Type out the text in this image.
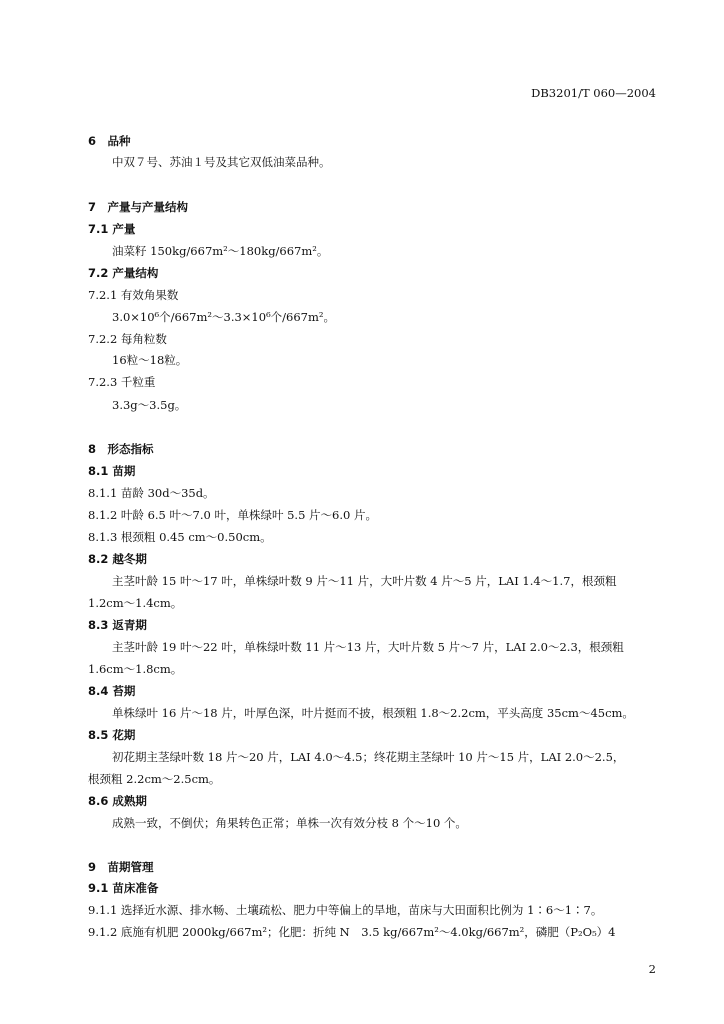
DB3201/T 060—2004
6　品种
中双７号、苏油１号及其它双低油菜品种。
7　产量与产量结构
7.1 产量
油菜籽 150kg/667m²～180kg/667m²。
7.2 产量结构
7.2.1 有效角果数
3.0×10⁶个/667m²～3.3×10⁶个/667m²。
7.2.2 每角粒数
16粒～18粒。
7.2.3 千粒重
3.3g～3.5g。
8　形态指标
8.1 苗期
8.1.1 苗龄 30d～35d。
8.1.2 叶龄 6.5 叶～7.0 叶，单株绿叶 5.5 片～6.0 片。
8.1.3 根颈粗 0.45 cm～0.50cm。
8.2 越冬期
主茎叶龄 15 叶～17 叶，单株绿叶数 9 片～11 片，大叶片数 4 片～5 片，LAI 1.4～1.7，根颈粗
1.2cm～1.4cm。
8.3 返青期
主茎叶龄 19 叶～22 叶，单株绿叶数 11 片～13 片，大叶片数 5 片～7 片，LAI 2.0～2.3，根颈粗
1.6cm～1.8cm。
8.4 苔期
单株绿叶 16 片～18 片，叶厚色深，叶片挺而不披，根颈粗 1.8～2.2cm，平头高度 35cm～45cm。
8.5 花期
初花期主茎绿叶数 18 片～20 片，LAI 4.0～4.5；终花期主茎绿叶 10 片～15 片，LAI 2.0～2.5，
根颈粗 2.2cm～2.5cm。
8.6 成熟期
成熟一致，不倒伏；角果转色正常；单株一次有效分枝 8 个～10 个。
9　苗期管理
9.1 苗床准备
9.1.1 选择近水源、排水畅、土壤疏松、肥力中等偏上的旱地，苗床与大田面积比例为 1∶6～1∶7。
9.1.2 底施有机肥 2000kg/667m²；化肥：折纯 N　3.5 kg/667m²～4.0kg/667m²，磷肥（P₂O₅）4
2
